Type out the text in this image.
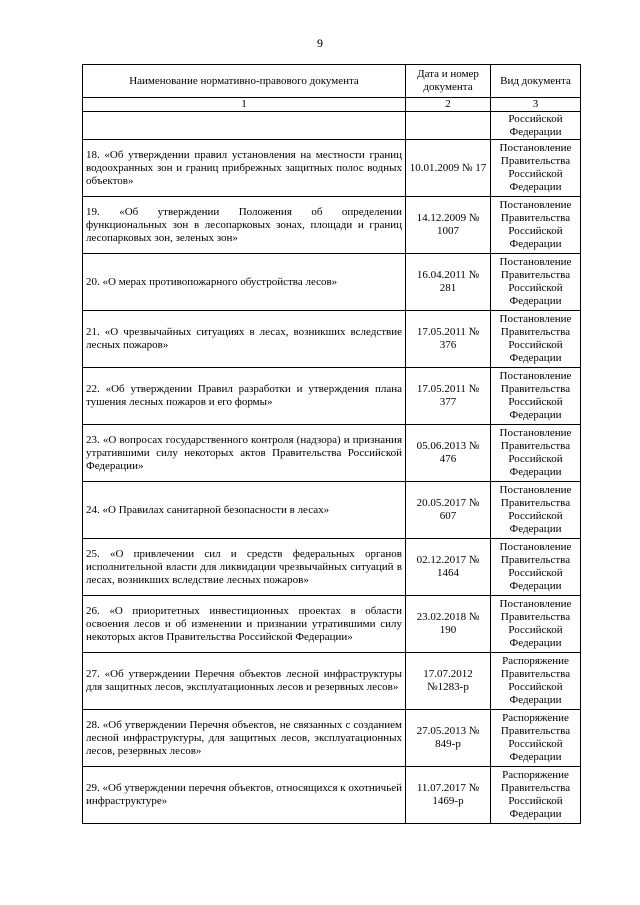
9
Наименование нормативно-правового документа	Дата и номер документа	Вид документа
1	2	3
		Российской Федерации
18. «Об утверждении правил установления на местности границ водоохранных зон и границ прибрежных защитных полос водных объектов»	10.01.2009 № 17	Постановление Правительства Российской Федерации
19. «Об утверждении Положения об определении функциональных зон в лесопарковых зонах, площади и границ лесопарковых зон, зеленых зон»	14.12.2009 № 1007	Постановление Правительства Российской Федерации
20. «О мерах противопожарного обустройства лесов»	16.04.2011 № 281	Постановление Правительства Российской Федерации
21. «О чрезвычайных ситуациях в лесах, возникших вследствие лесных пожаров»	17.05.2011 № 376	Постановление Правительства Российской Федерации
22. «Об утверждении Правил разработки и утверждения плана тушения лесных пожаров и его формы»	17.05.2011 № 377	Постановление Правительства Российской Федерации
23. «О вопросах государственного контроля (надзора) и признания утратившими силу некоторых актов Правительства Российской Федерации»	05.06.2013 № 476	Постановление Правительства Российской Федерации
24. «О Правилах санитарной безопасности в лесах»	20.05.2017 № 607	Постановление Правительства Российской Федерации
25. «О привлечении сил и средств федеральных органов исполнительной власти для ликвидации чрезвычайных ситуаций в лесах, возникших вследствие лесных пожаров»	02.12.2017 № 1464	Постановление Правительства Российской Федерации
26. «О приоритетных инвестиционных проектах в области освоения лесов и об изменении и признании утратившими силу некоторых актов Правительства Российской Федерации»	23.02.2018 № 190	Постановление Правительства Российской Федерации
27. «Об утверждении Перечня объектов лесной инфраструктуры для защитных лесов, эксплуатационных лесов и резервных лесов»	17.07.2012 №1283-р	Распоряжение Правительства Российской Федерации
28. «Об утверждении Перечня объектов, не связанных с созданием лесной инфраструктуры, для защитных лесов, эксплуатационных лесов, резервных лесов»	27.05.2013 № 849-р	Распоряжение Правительства Российской Федерации
29. «Об утверждении перечня объектов, относящихся к охотничьей инфраструктуре»	11.07.2017 № 1469-р	Распоряжение Правительства Российской Федерации
